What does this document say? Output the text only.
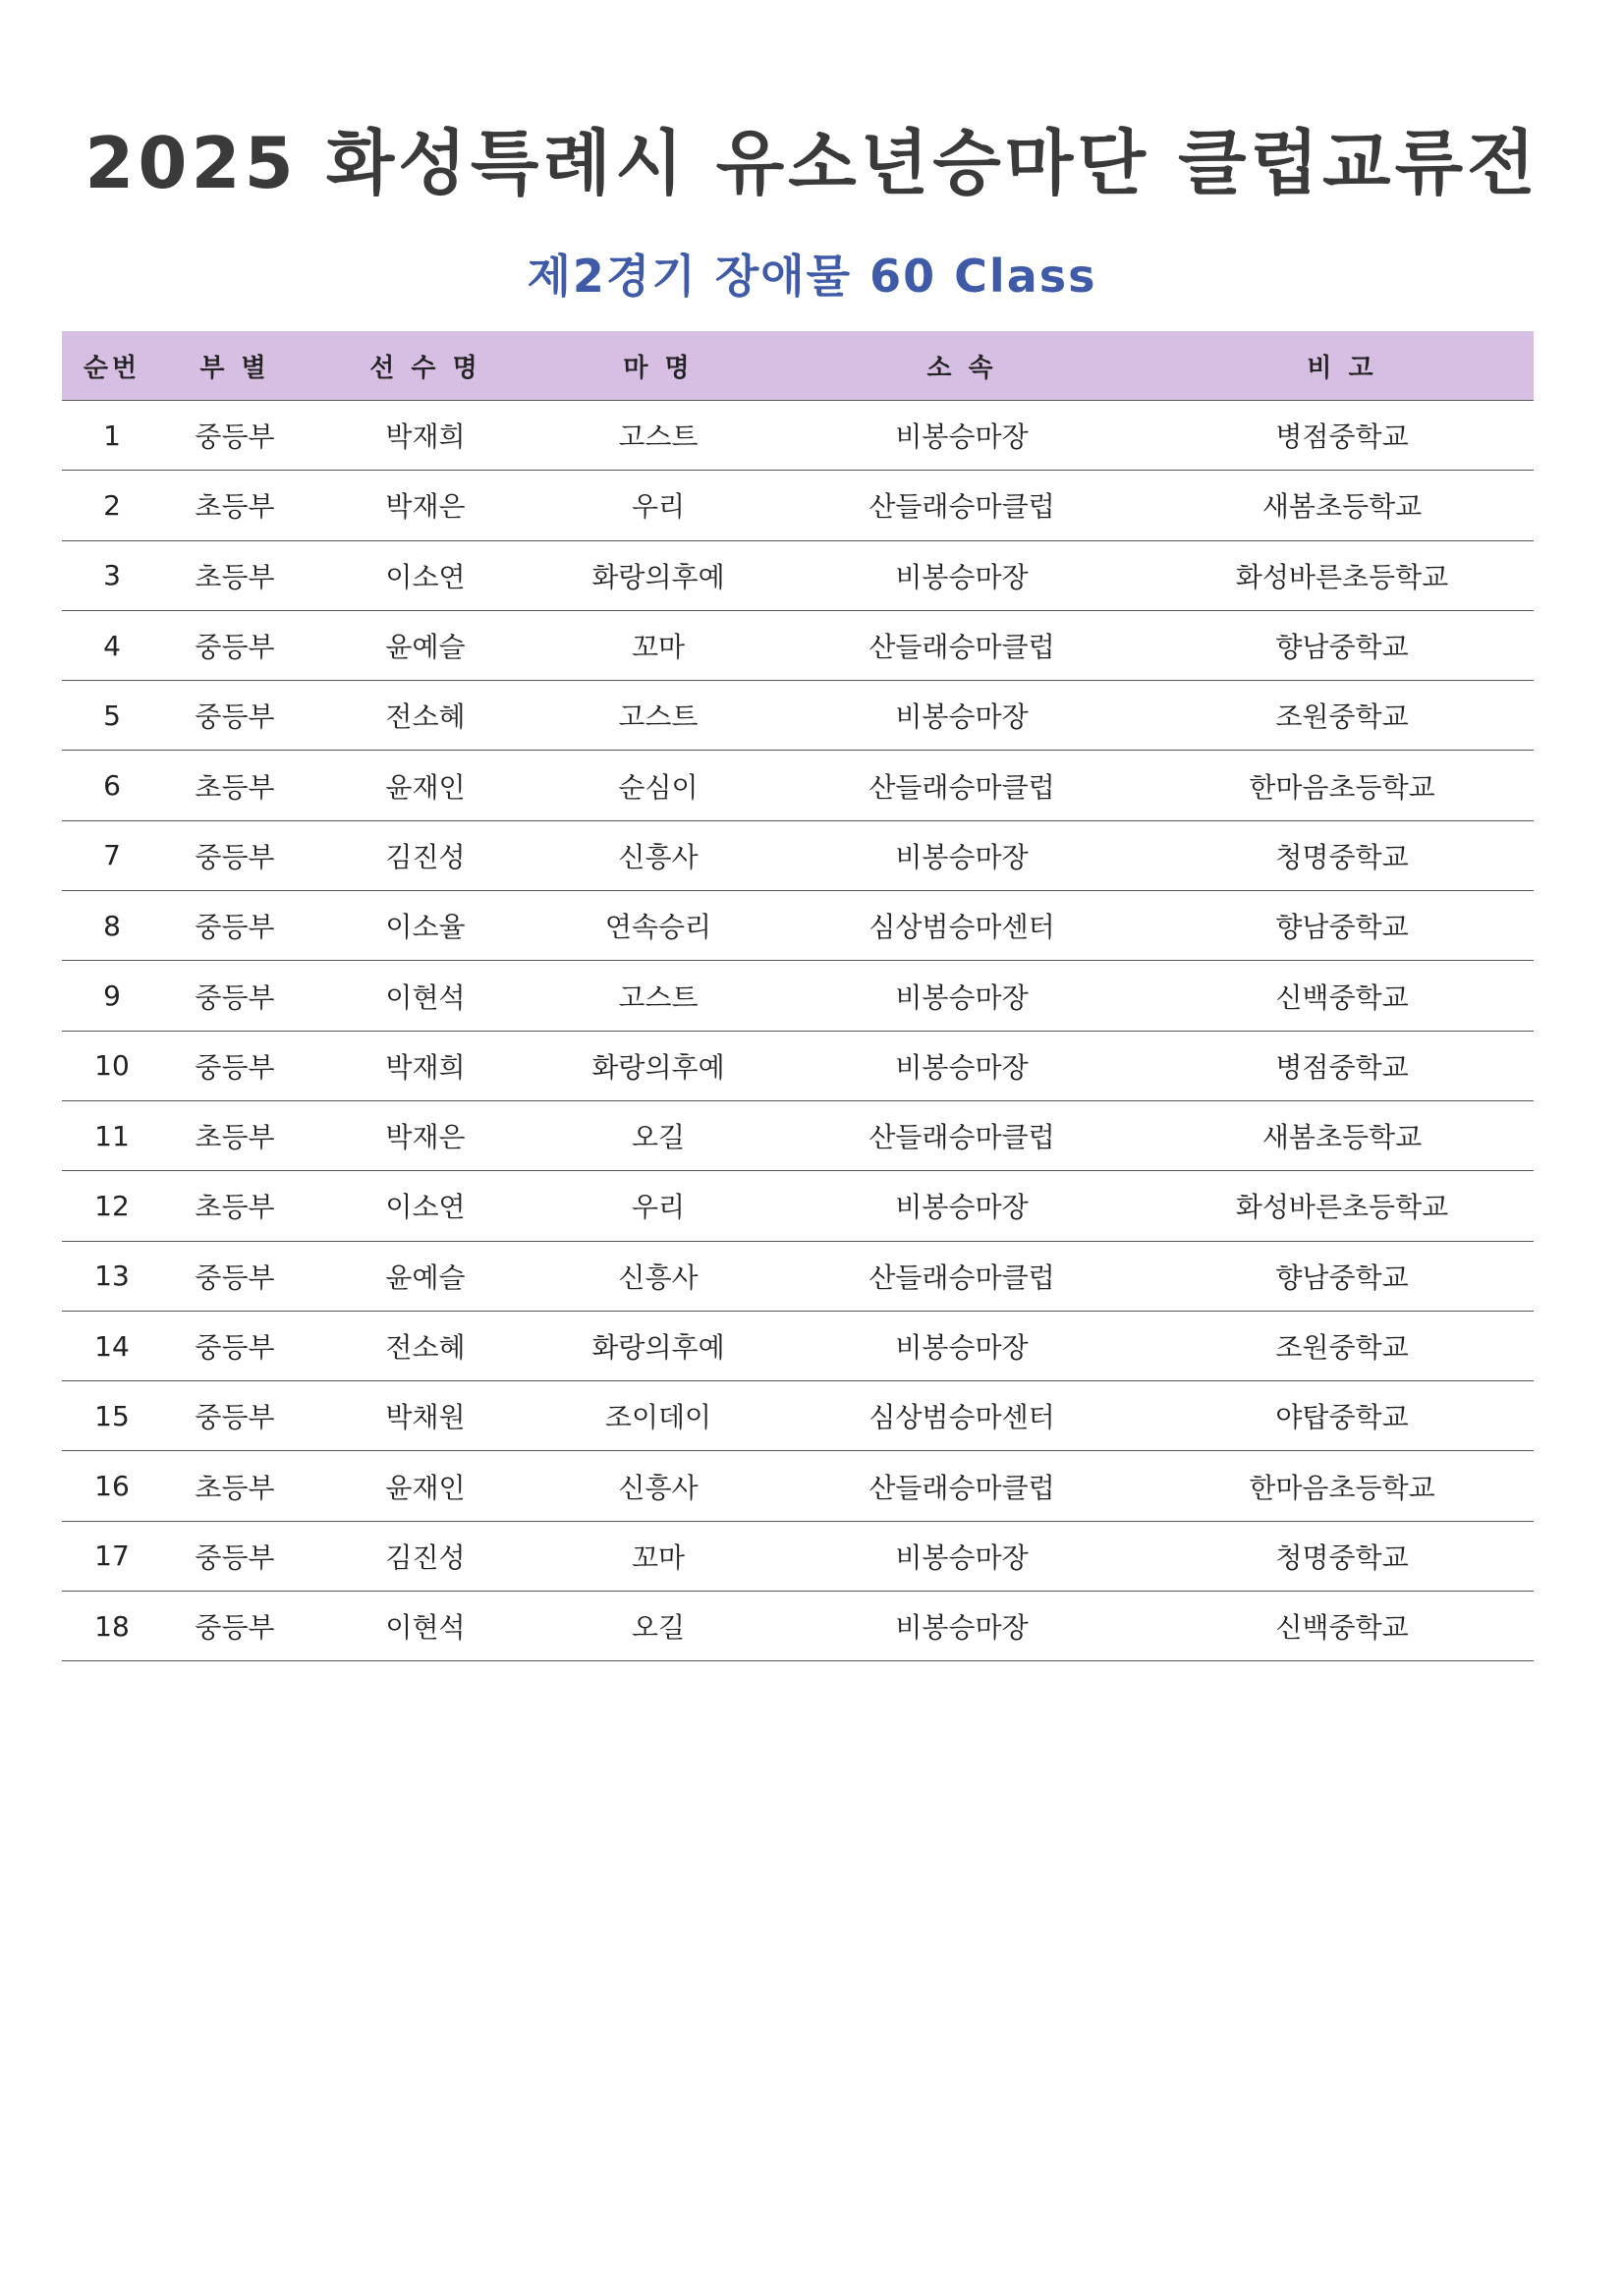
2025 화성특례시 유소년승마단 클럽교류전
제2경기 장애물 60 Class
순번	부 별	선 수 명	마 명	소 속	비 고
1	중등부	박재희	고스트	비봉승마장	병점중학교
2	초등부	박재은	우리	산들래승마클럽	새봄초등학교
3	초등부	이소연	화랑의후예	비봉승마장	화성바른초등학교
4	중등부	윤예슬	꼬마	산들래승마클럽	향남중학교
5	중등부	전소혜	고스트	비봉승마장	조원중학교
6	초등부	윤재인	순심이	산들래승마클럽	한마음초등학교
7	중등부	김진성	신흥사	비봉승마장	청명중학교
8	중등부	이소율	연속승리	심상범승마센터	향남중학교
9	중등부	이현석	고스트	비봉승마장	신백중학교
10	중등부	박재희	화랑의후예	비봉승마장	병점중학교
11	초등부	박재은	오길	산들래승마클럽	새봄초등학교
12	초등부	이소연	우리	비봉승마장	화성바른초등학교
13	중등부	윤예슬	신흥사	산들래승마클럽	향남중학교
14	중등부	전소혜	화랑의후예	비봉승마장	조원중학교
15	중등부	박채원	조이데이	심상범승마센터	야탑중학교
16	초등부	윤재인	신흥사	산들래승마클럽	한마음초등학교
17	중등부	김진성	꼬마	비봉승마장	청명중학교
18	중등부	이현석	오길	비봉승마장	신백중학교
